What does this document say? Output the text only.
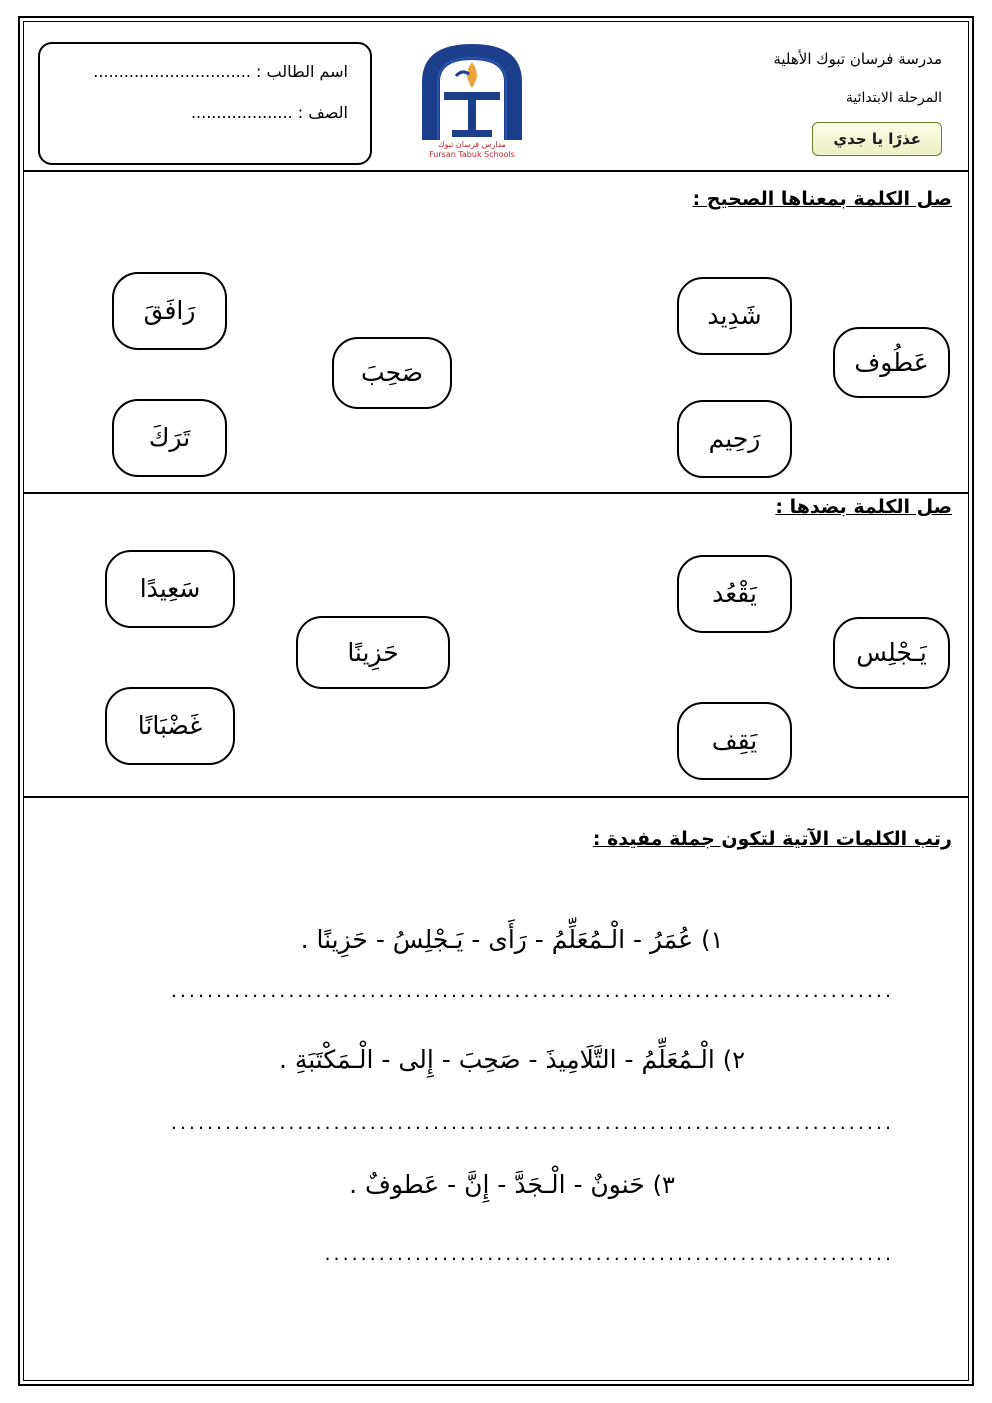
اسم الطالب : ...............................
الصف : ....................
مدرسة فرسان تبوك الأهلية
المرحلة الابتدائية
عذرًا يا جدي
مدارس فرسان تبوك
Fursan Tabuk Schools
صل الكلمة بمعناها الصحيح :
عَطُوف
شَدِيد
رَحِيم
صَحِبَ
رَافَقَ
تَرَكَ
صل الكلمة بضدها :
يَـجْلِس
يَقْعُد
يَقِف
حَزِينًا
سَعِيدًا
غَضْبَانًا
رتب الكلمات الآتية لتكون جملة مفيدة :
١) عُمَرُ - الْـمُعَلِّمُ - رَأَى - يَـجْلِسُ - حَزِينًا .
................................................................................
٢) الْـمُعَلِّمُ - التَّلَامِيذَ - صَحِبَ - إِلى - الْـمَكْتَبَةِ .
................................................................................
٣) حَنونٌ - الْـجَدَّ - إِنَّ - عَطوفٌ .
...............................................................
